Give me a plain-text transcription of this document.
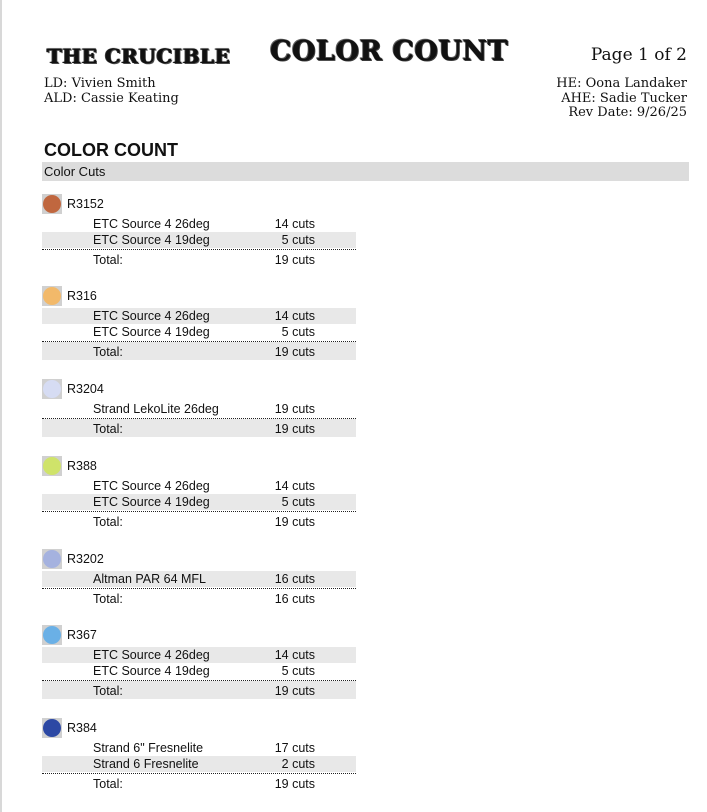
THE CRUCIBLE COLOR COUNT	Page 1 of 2
LD: Vivien Smith
ALD: Cassie Keating
HE: Oona Landaker
AHE: Sadie Tucker
Rev Date: 9/26/25
COLOR COUNT
Color Cuts
R3152
ETC Source 4 26deg	14 cuts
ETC Source 4 19deg	5 cuts
Total:	19 cuts
R316
ETC Source 4 26deg	14 cuts
ETC Source 4 19deg	5 cuts
Total:	19 cuts
R3204
Strand LekoLite 26deg	19 cuts
Total:	19 cuts
R388
ETC Source 4 26deg	14 cuts
ETC Source 4 19deg	5 cuts
Total:	19 cuts
R3202
Altman PAR 64 MFL	16 cuts
Total:	16 cuts
R367
ETC Source 4 26deg	14 cuts
ETC Source 4 19deg	5 cuts
Total:	19 cuts
R384
Strand 6" Fresnelite	17 cuts
Strand 6 Fresnelite	2 cuts
Total:	19 cuts
